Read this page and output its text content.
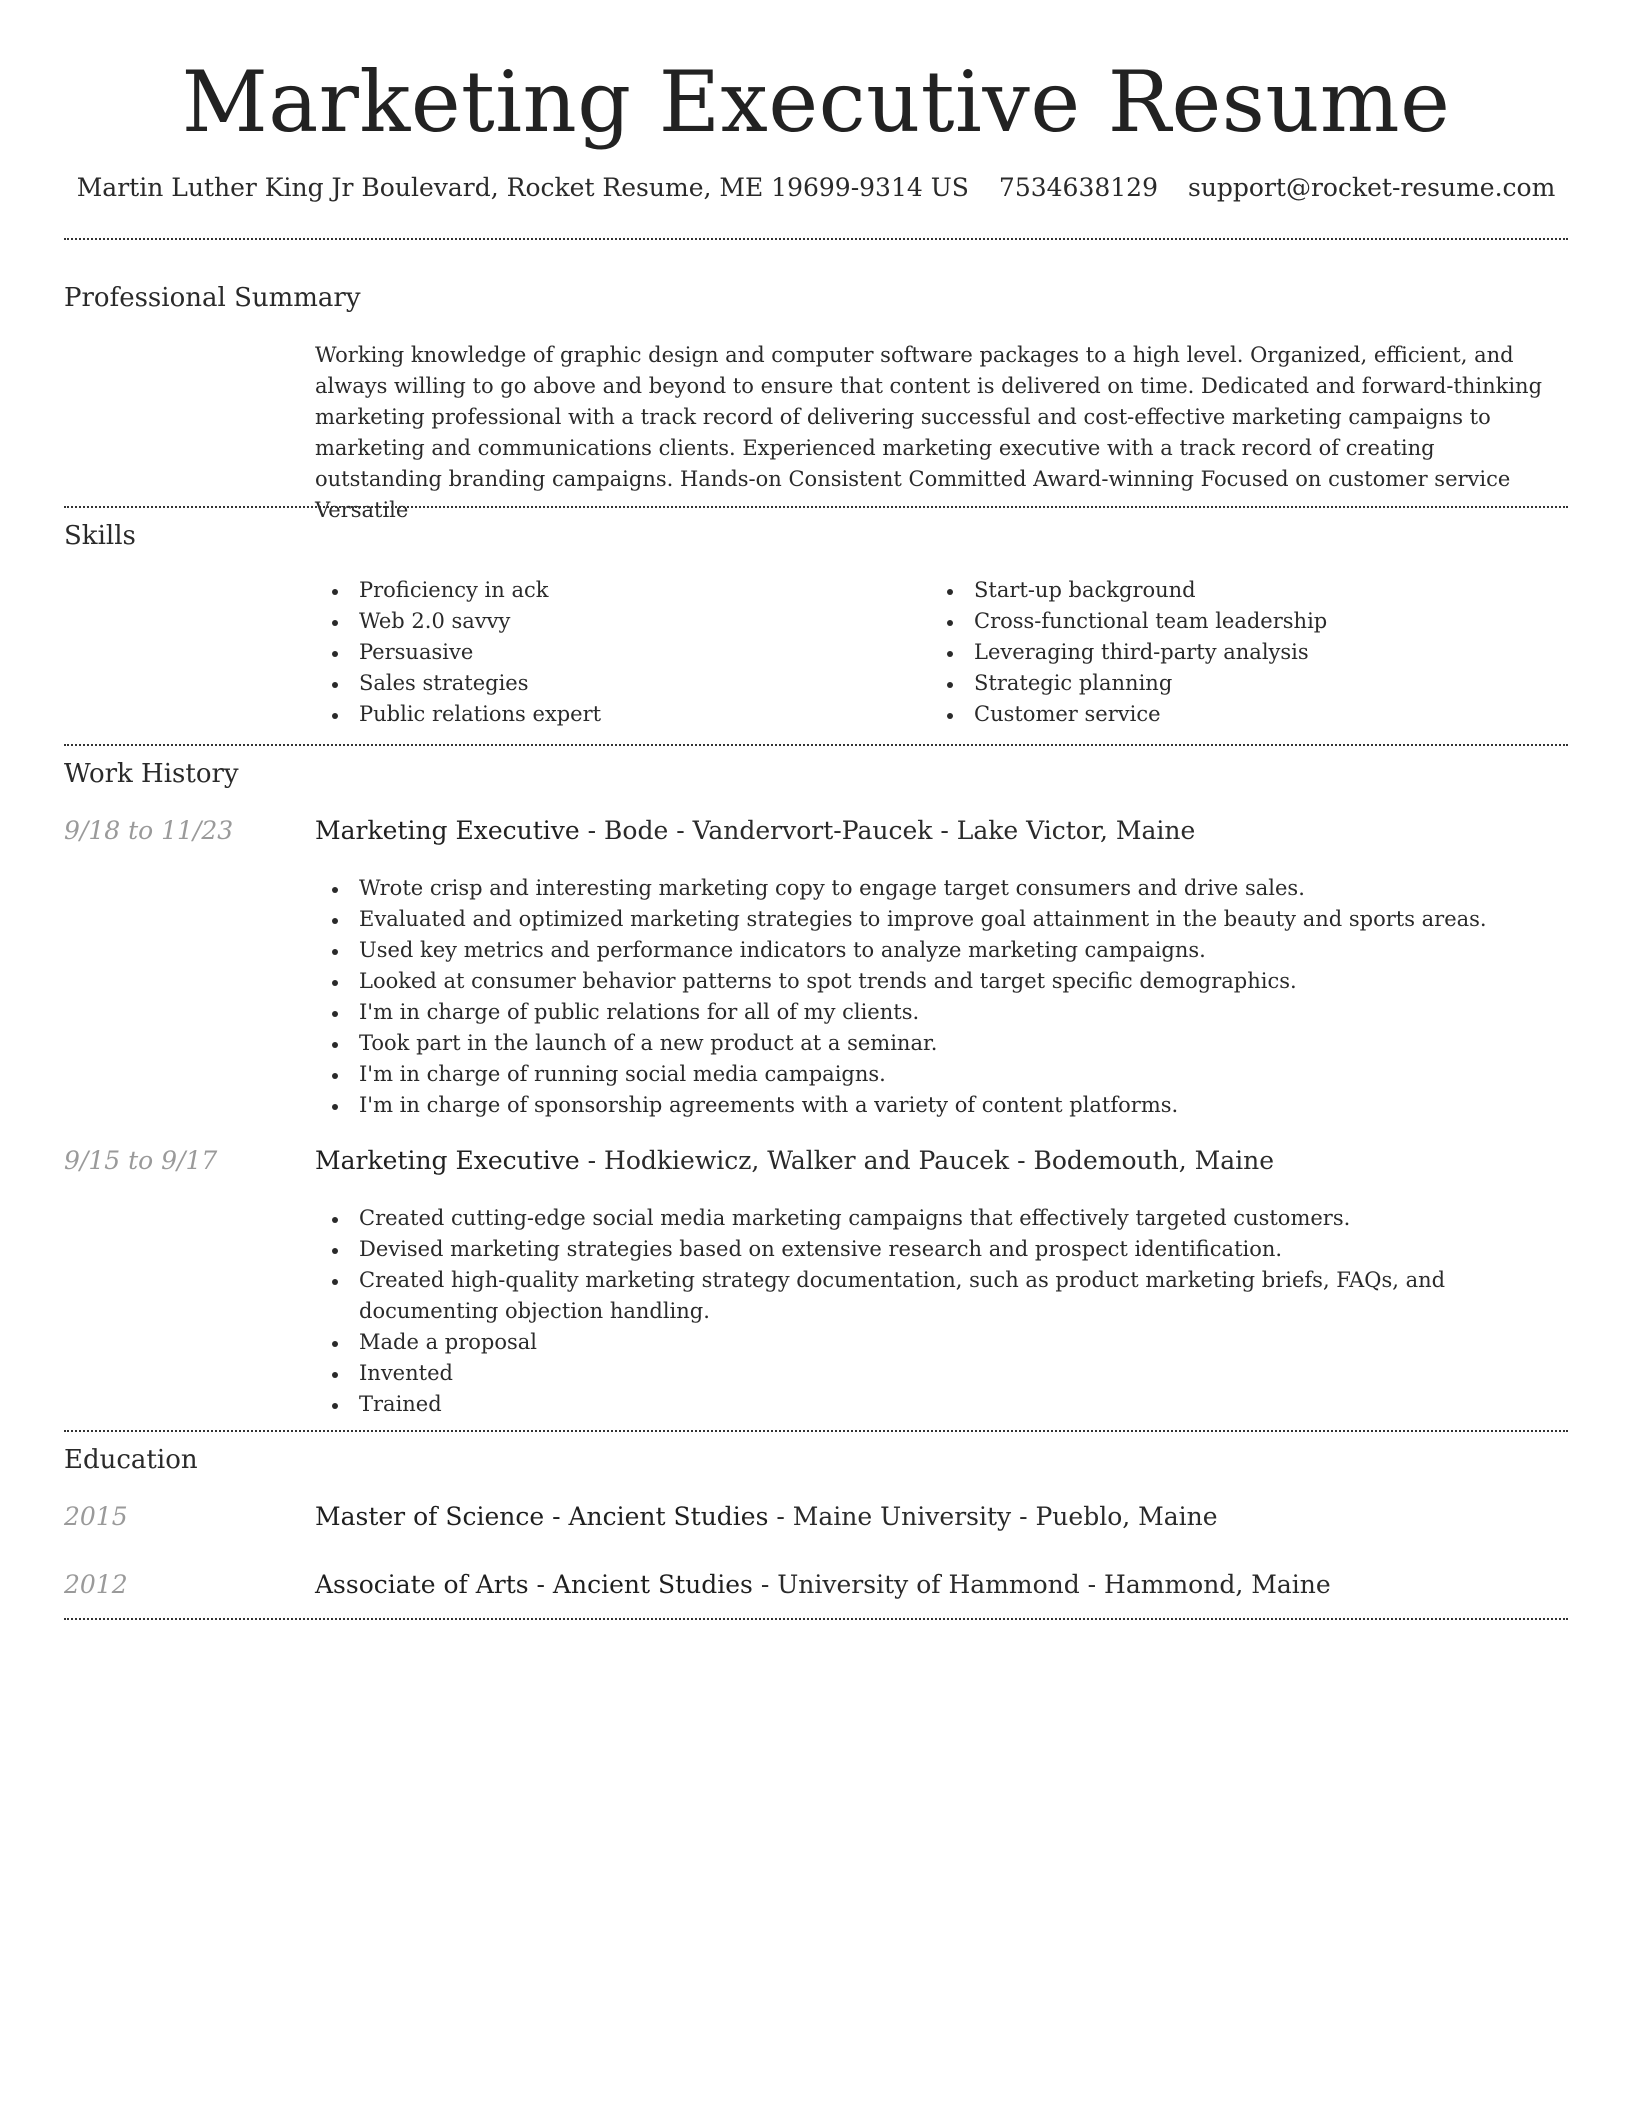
Marketing Executive Resume
Martin Luther King Jr Boulevard, Rocket Resume, ME 19699-9314 US 7534638129 support@rocket-resume.com
Professional Summary
Working knowledge of graphic design and computer software packages to a high level. Organized, efficient, and always willing to go above and beyond to ensure that content is delivered on time. Dedicated and forward-thinking marketing professional with a track record of delivering successful and cost-effective marketing campaigns to marketing and communications clients. Experienced marketing executive with a track record of creating outstanding branding campaigns. Hands-on Consistent Committed Award-winning Focused on customer service Versatile
Skills
Proficiency in ack
Web 2.0 savvy
Persuasive
Sales strategies
Public relations expert
Start-up background
Cross-functional team leadership
Leveraging third-party analysis
Strategic planning
Customer service
Work History
9/18 to 11/23	Marketing Executive - Bode - Vandervort-Paucek - Lake Victor, Maine
Wrote crisp and interesting marketing copy to engage target consumers and drive sales.
Evaluated and optimized marketing strategies to improve goal attainment in the beauty and sports areas.
Used key metrics and performance indicators to analyze marketing campaigns.
Looked at consumer behavior patterns to spot trends and target specific demographics.
I'm in charge of public relations for all of my clients.
Took part in the launch of a new product at a seminar.
I'm in charge of running social media campaigns.
I'm in charge of sponsorship agreements with a variety of content platforms.
9/15 to 9/17	Marketing Executive - Hodkiewicz, Walker and Paucek - Bodemouth, Maine
Created cutting-edge social media marketing campaigns that effectively targeted customers.
Devised marketing strategies based on extensive research and prospect identification.
Created high-quality marketing strategy documentation, such as product marketing briefs, FAQs, and documenting objection handling.
Made a proposal
Invented
Trained
Education
2015	Master of Science - Ancient Studies - Maine University - Pueblo, Maine
2012	Associate of Arts - Ancient Studies - University of Hammond - Hammond, Maine
